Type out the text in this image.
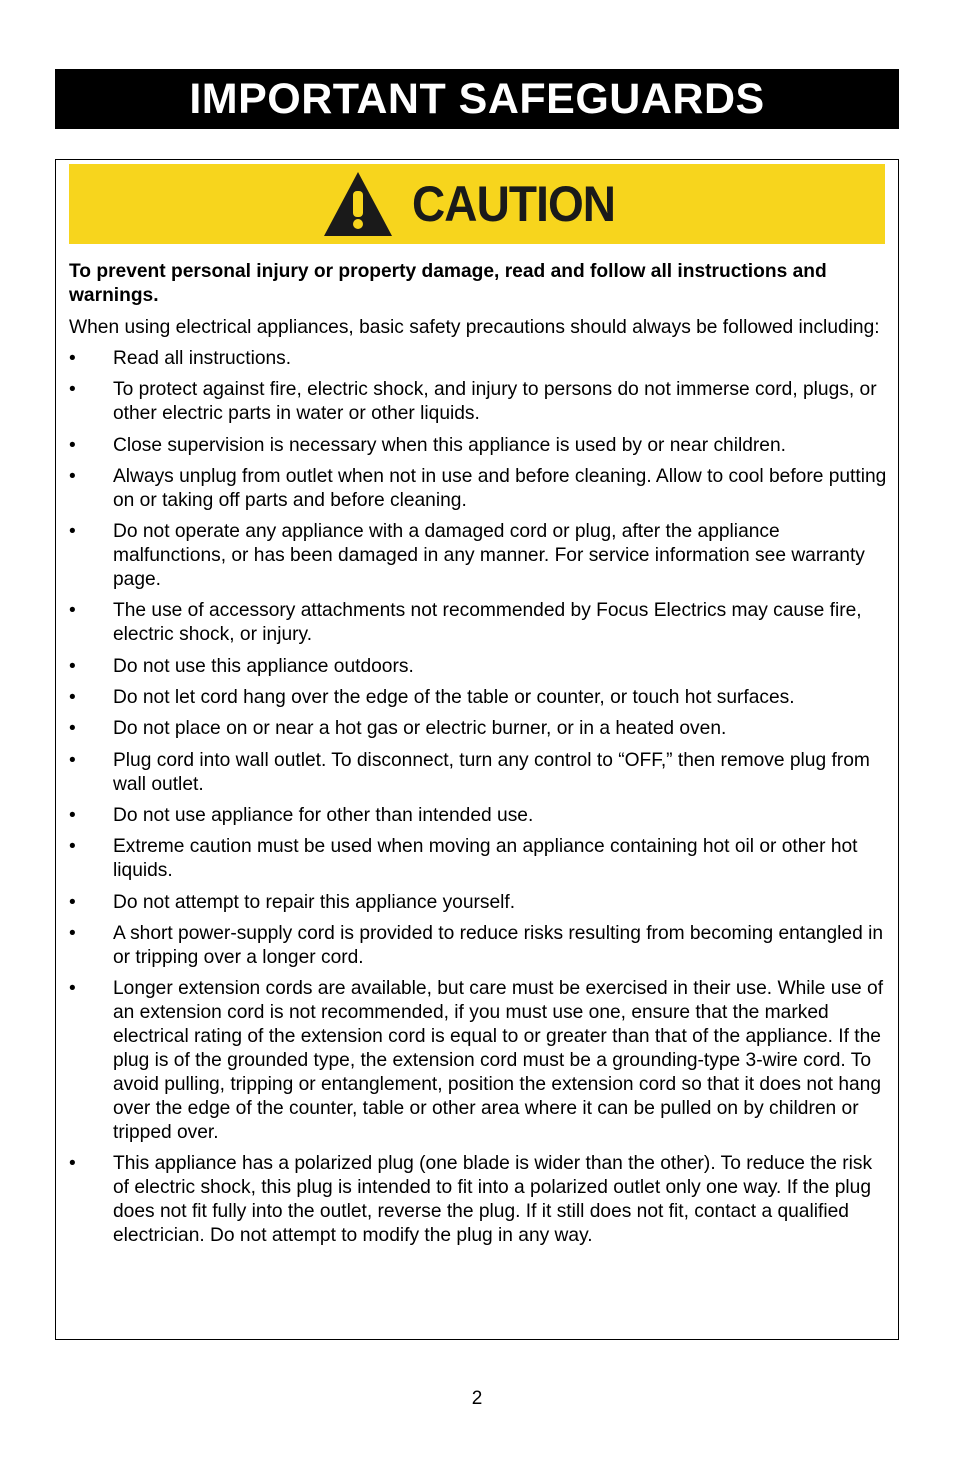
IMPORTANT SAFEGUARDS
CAUTION

To prevent personal injury or property damage, read and follow all instructions and warnings.

When using electrical appliances, basic safety precautions should always be followed including:

• Read all instructions.
• To protect against fire, electric shock, and injury to persons do not immerse cord, plugs, or other electric parts in water or other liquids.
• Close supervision is necessary when this appliance is used by or near children.
• Always unplug from outlet when not in use and before cleaning. Allow to cool before putting on or taking off parts and before cleaning.
• Do not operate any appliance with a damaged cord or plug, after the appliance malfunctions, or has been damaged in any manner. For service information see warranty page.
• The use of accessory attachments not recommended by Focus Electrics may cause fire, electric shock, or injury.
• Do not use this appliance outdoors.
• Do not let cord hang over the edge of the table or counter, or touch hot surfaces.
• Do not place on or near a hot gas or electric burner, or in a heated oven.
• Plug cord into wall outlet. To disconnect, turn any control to “OFF,” then remove plug from wall outlet.
• Do not use appliance for other than intended use.
• Extreme caution must be used when moving an appliance containing hot oil or other hot liquids.
• Do not attempt to repair this appliance yourself.
• A short power-supply cord is provided to reduce risks resulting from becoming entangled in or tripping over a longer cord.
• Longer extension cords are available, but care must be exercised in their use. While use of an extension cord is not recommended, if you must use one, ensure that the marked electrical rating of the extension cord is equal to or greater than that of the appliance. If the plug is of the grounded type, the extension cord must be a grounding-type 3-wire cord. To avoid pulling, tripping or entanglement, position the extension cord so that it does not hang over the edge of the counter, table or other area where it can be pulled on by children or tripped over.
• This appliance has a polarized plug (one blade is wider than the other). To reduce the risk of electric shock, this plug is intended to fit into a polarized outlet only one way. If the plug does not fit fully into the outlet, reverse the plug. If it still does not fit, contact a qualified electrician. Do not attempt to modify the plug in any way.
2
